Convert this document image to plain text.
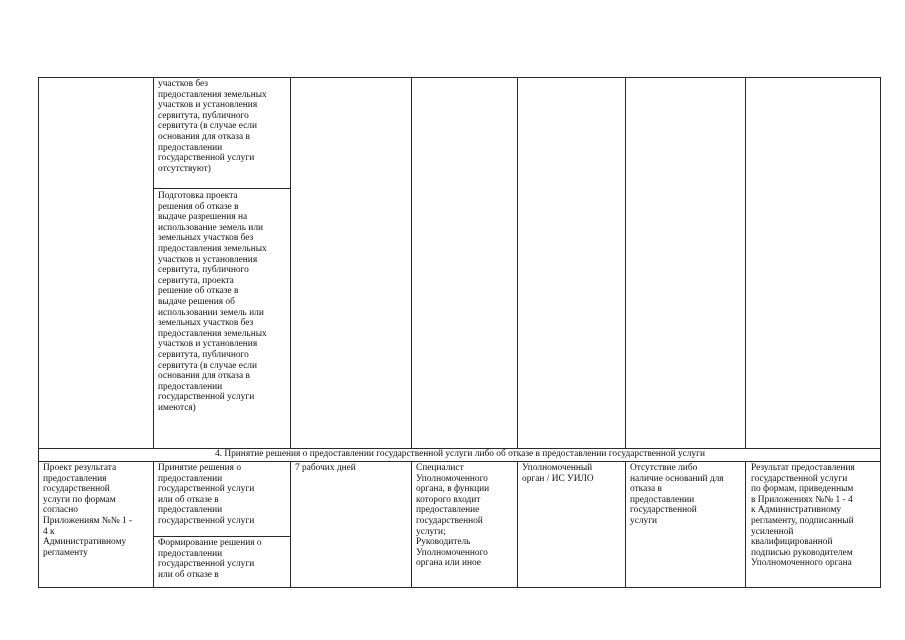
участков без
предоставления земельных
участков и установления
сервитута, публичного
сервитута (в случае если
основания для отказа в
предоставлении
государственной услуги
отсутствуют)
Подготовка проекта
решения об отказе в
выдаче разрешения на
использование земель или
земельных участков без
предоставления земельных
участков и установления
сервитута, публичного
сервитута, проекта
решение об отказе в
выдаче решения об
использовании земель или
земельных участков без
предоставления земельных
участков и установления
сервитута, публичного
сервитута (в случае если
основания для отказа в
предоставлении
государственной услуги
имеются)
4. Принятие решения о предоставлении государственной услуги либо об отказе в предоставлении государственной услуги
Проект результата
предоставления
государственной
услуги по формам
согласно
Приложениям №№ 1 -
4 к
Административному
регламенту
Принятие решения о
предоставлении
государственной услуги
или об отказе в
предоставлении
государственной услуги
Формирование решения о
предоставлении
государственной услуги
или об отказе в
7 рабочих дней	Специалист
Уполномоченного
органа, в функции
которого входит
предоставление
государственной
услуги;
Руководитель
Уполномоченного
органа или иное
Уполномоченный
орган / ИС УИЛО
Отсутствие либо
наличие оснований для
отказа в
предоставлении
государственной
услуги
Результат предоставления
государственной услуги
по формам, приведенным
в Приложениях №№ 1 - 4
к Административному
регламенту, подписанный
усиленной
квалифицированной
подписью руководителем
Уполномоченного органа
